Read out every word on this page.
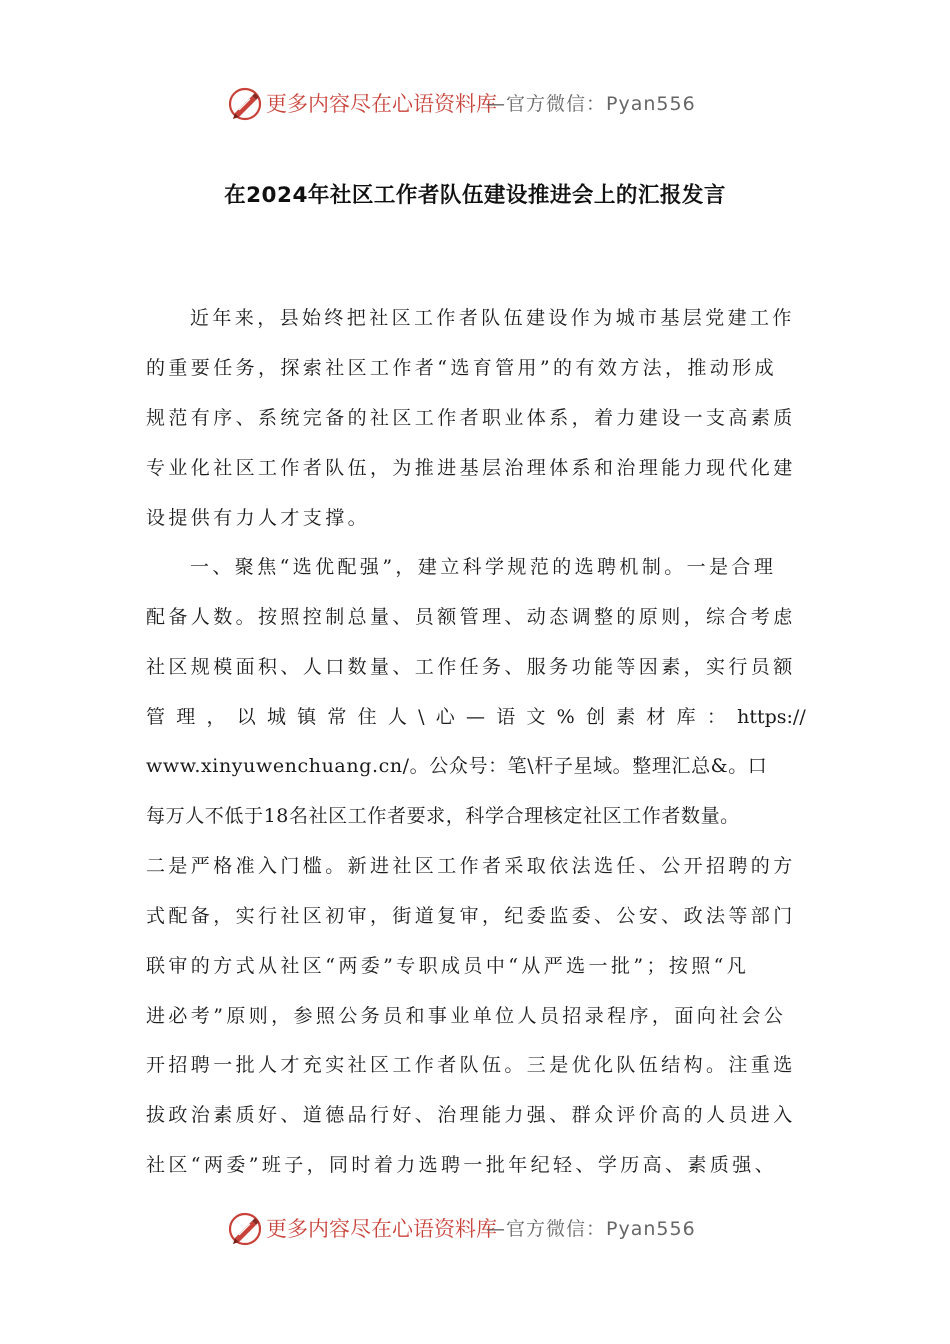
更多内容尽在心语资料库
—官方微信：Pyan556
在2024年社区工作者队伍建设推进会上的汇报发言
近年来，县始终把社区工作者队伍建设作为城市基层党建工作
的重要任务，探索社区工作者“选育管用”的有效方法，推动形成
规范有序、系统完备的社区工作者职业体系，着力建设一支高素质
专业化社区工作者队伍，为推进基层治理体系和治理能力现代化建
设提供有力人才支撑。
一、聚焦“选优配强”，建立科学规范的选聘机制。一是合理
配备人数。按照控制总量、员额管理、动态调整的原则，综合考虑
社区规模面积、人口数量、工作任务、服务功能等因素，实行员额
管 理 ， 以 城 镇 常 住 人 \ 心 — 语 文 % 创 素 材 库 ： https://
www.xinyuwenchuang.cn/。公众号：笔\杆子星域。整理汇总&。口
每万人不低于18名社区工作者要求，科学合理核定社区工作者数量。
二是严格准入门槛。新进社区工作者采取依法选任、公开招聘的方
式配备，实行社区初审，街道复审，纪委监委、公安、政法等部门
联审的方式从社区“两委”专职成员中“从严选一批”；按照“凡
进必考”原则，参照公务员和事业单位人员招录程序，面向社会公
开招聘一批人才充实社区工作者队伍。三是优化队伍结构。注重选
拔政治素质好、道德品行好、治理能力强、群众评价高的人员进入
社区“两委”班子，同时着力选聘一批年纪轻、学历高、素质强、
更多内容尽在心语资料库
—官方微信：Pyan556
